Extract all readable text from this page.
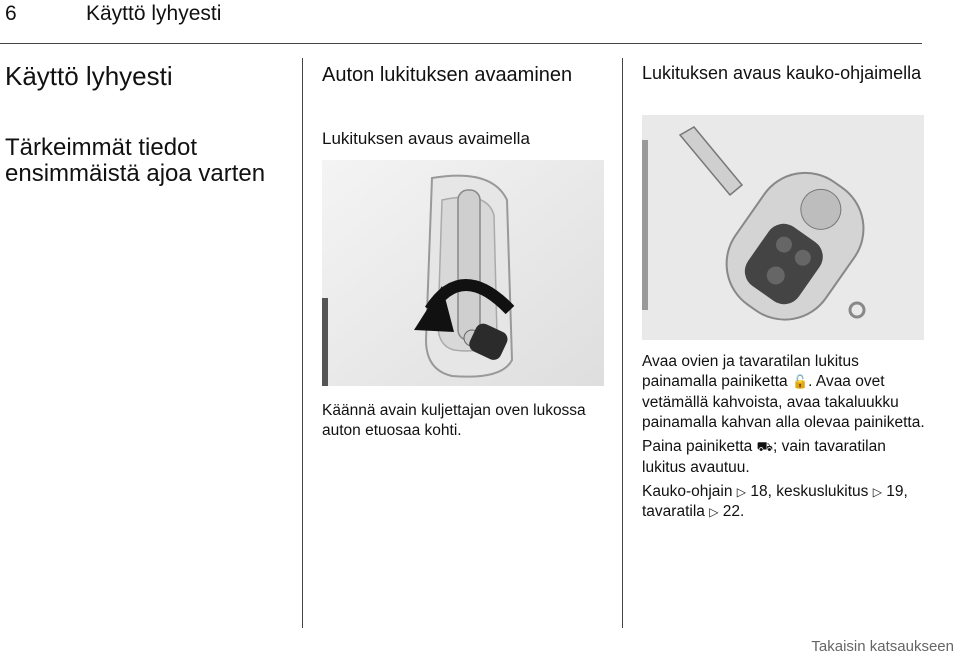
6	Käyttö lyhyesti
Käyttö lyhyesti
Tärkeimmät tiedot ensimmäistä ajoa varten
Auton lukituksen avaaminen
Lukituksen avaus avaimella
Käännä avain kuljettajan oven lukossa auton etuosaa kohti.
Lukituksen avaus kauko-ohjaimella

Avaa ovien ja tavaratilan lukitus painamalla painiketta 🔓. Avaa ovet vetämällä kahvoista, avaa takaluukku painamalla kahvan alla olevaa painiketta.

Paina painiketta ⛟; vain tavaratilan lukitus avautuu.

Kauko-ohjain ▷ 18, keskuslukitus ▷ 19, tavaratila ▷ 22.

Takaisin katsaukseen
